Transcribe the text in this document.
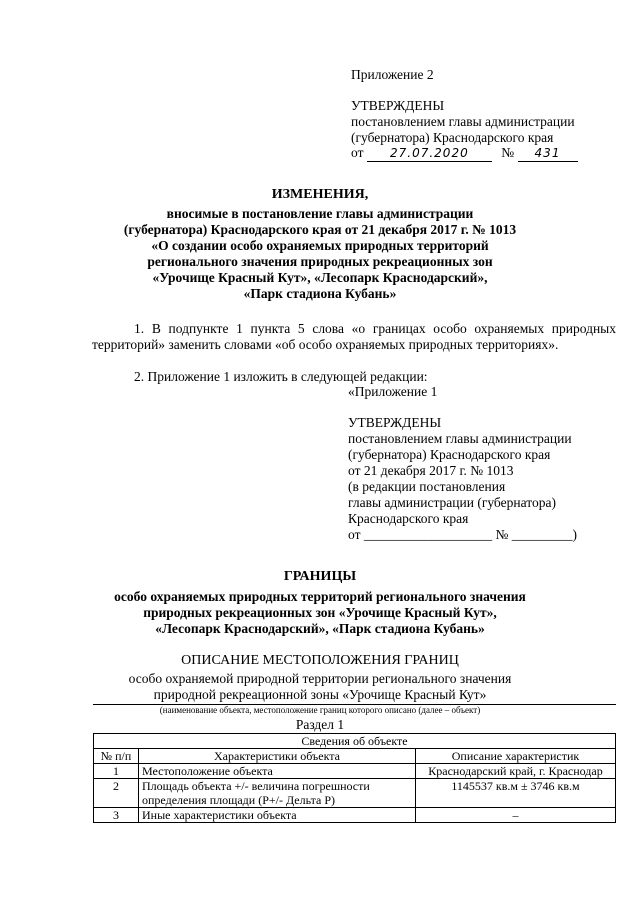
Приложение 2
УТВЕРЖДЕНЫ
постановлением главы администрации
(губернатора) Краснодарского края
от 27.07.2020 № 431
ИЗМЕНЕНИЯ,
вносимые в постановление главы администрации
(губернатора) Краснодарского края от 21 декабря 2017 г. № 1013
«О создании особо охраняемых природных территорий
регионального значения природных рекреационных зон
«Урочище Красный Кут», «Лесопарк Краснодарский»,
«Парк стадиона Кубань»
1. В подпункте 1 пункта 5 слова «о границах особо охраняемых природных территорий» заменить словами «об особо охраняемых природных территориях».
2. Приложение 1 изложить в следующей редакции:
«Приложение 1
УТВЕРЖДЕНЫ
постановлением главы администрации
(губернатора) Краснодарского края
от 21 декабря 2017 г. № 1013
(в редакции постановления
главы администрации (губернатора)
Краснодарского края
от ___________________ № _________)
ГРАНИЦЫ
особо охраняемых природных территорий регионального значения
природных рекреационных зон «Урочище Красный Кут»,
«Лесопарк Краснодарский», «Парк стадиона Кубань»
ОПИСАНИЕ МЕСТОПОЛОЖЕНИЯ ГРАНИЦ
особо охраняемой природной территории регионального значения
природной рекреационной зоны «Урочище Красный Кут»
(наименование объекта, местоположение границ которого описано (далее – объект)
Раздел 1
Сведения об объекте		
№ п/п	Характеристики объекта	Описание характеристик
1	Местоположение объекта	Краснодарский край, г. Краснодар
2	Площадь объекта +/- величина погрешности определения площади (P+/- Дельта P)	1145537 кв.м ± 3746 кв.м
3	Иные характеристики объекта	–
